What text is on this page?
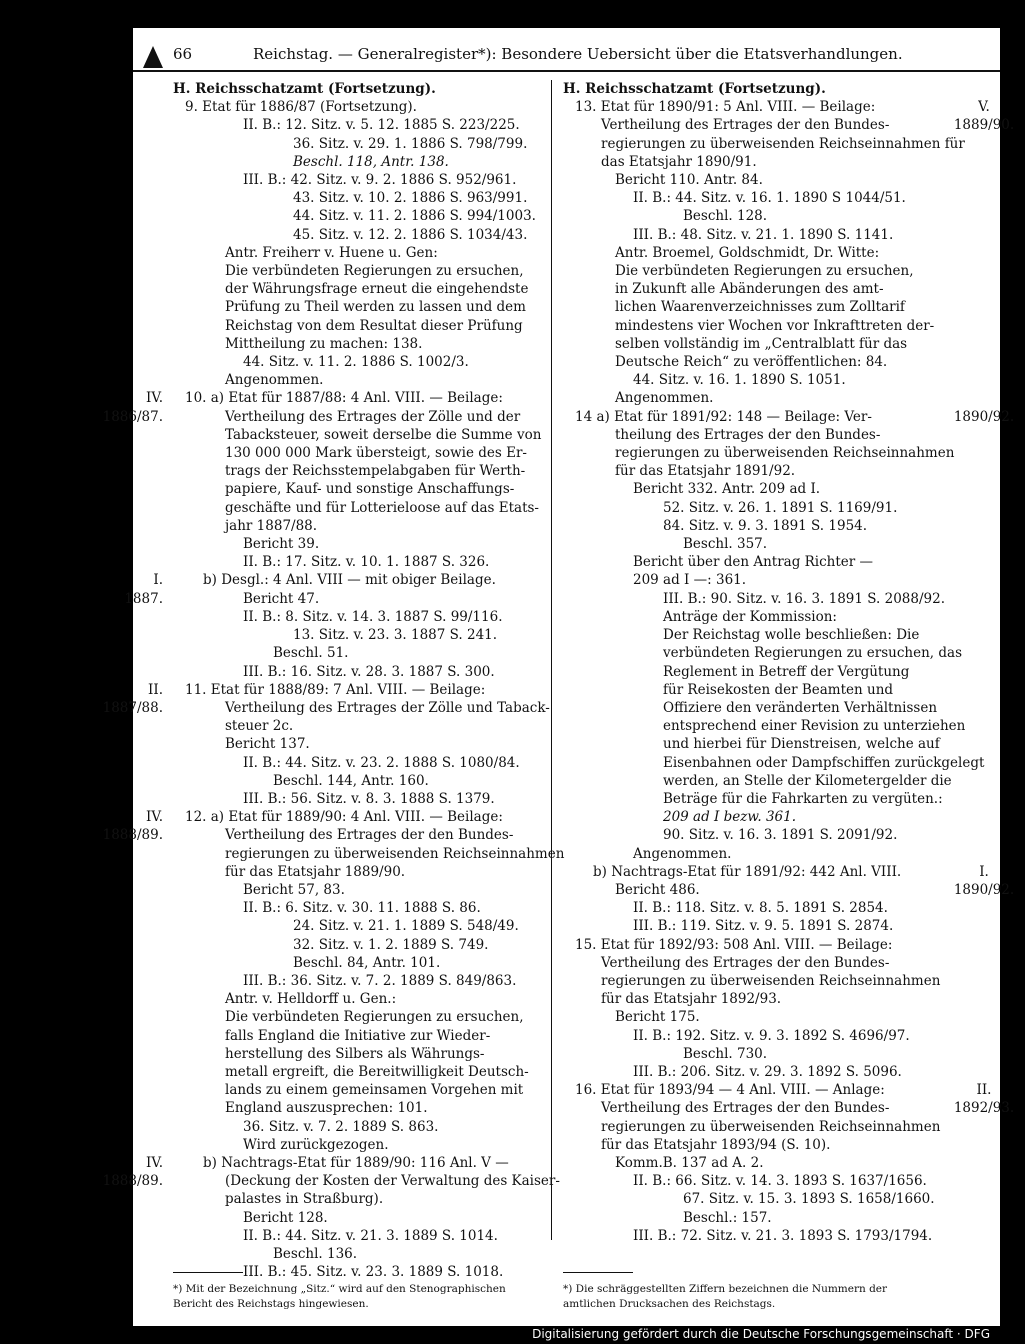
66	Reichstag. — Generalregister*): Besondere Uebersicht über die Etatsverhandlungen.
H. Reichsschatzamt (Fortsetzung).
9. Etat für 1886/87 (Fortsetzung).
II. B.: 12. Sitz. v. 5. 12. 1885 S. 223/225.
36. Sitz. v. 29. 1. 1886 S. 798/799.
Beschl. 118, Antr. 138.
III. B.: 42. Sitz. v. 9. 2. 1886 S. 952/961.
43. Sitz. v. 10. 2. 1886 S. 963/991.
44. Sitz. v. 11. 2. 1886 S. 994/1003.
45. Sitz. v. 12. 2. 1886 S. 1034/43.
Antr. Freiherr v. Huene u. Gen:
Die verbündeten Regierungen zu ersuchen,
der Währungsfrage erneut die eingehendste
Prüfung zu Theil werden zu lassen und dem
Reichstag von dem Resultat dieser Prüfung
Mittheilung zu machen: 138.
44. Sitz. v. 11. 2. 1886 S. 1002/3.
Angenommen.
IV. 10. a) Etat für 1887/88: 4 Anl. VIII. — Beilage:
1886/87.	Vertheilung des Ertrages der Zölle und der
Tabacksteuer, soweit derselbe die Summe von
130 000 000 Mark übersteigt, sowie des Er-
trags der Reichsstempelabgaben für Werth-
papiere, Kauf- und sonstige Anschaffungs-
geschäfte und für Lotterieloose auf das Etats-
jahr 1887/88.
Bericht 39.
II. B.: 17. Sitz. v. 10. 1. 1887 S. 326.
I.	b) Desgl.: 4 Anl. VIII — mit obiger Beilage.
1887.	Bericht 47.
II. B.: 8. Sitz. v. 14. 3. 1887 S. 99/116.
13. Sitz. v. 23. 3. 1887 S. 241.
Beschl. 51.
III. B.: 16. Sitz. v. 28. 3. 1887 S. 300.
II. 11. Etat für 1888/89: 7 Anl. VIII. — Beilage:
1887/88.	Vertheilung des Ertrages der Zölle und Taback-
steuer 2c.
Bericht 137.
II. B.: 44. Sitz. v. 23. 2. 1888 S. 1080/84.
Beschl. 144, Antr. 160.
III. B.: 56. Sitz. v. 8. 3. 1888 S. 1379.
IV. 12. a) Etat für 1889/90: 4 Anl. VIII. — Beilage:
1888/89.	Vertheilung des Ertrages der den Bundes-
regierungen zu überweisenden Reichseinnahmen
für das Etatsjahr 1889/90.
Bericht 57, 83.
II. B.: 6. Sitz. v. 30. 11. 1888 S. 86.
24. Sitz. v. 21. 1. 1889 S. 548/49.
32. Sitz. v. 1. 2. 1889 S. 749.
Beschl. 84, Antr. 101.
III. B.: 36. Sitz. v. 7. 2. 1889 S. 849/863.
Antr. v. Helldorff u. Gen.:
Die verbündeten Regierungen zu ersuchen,
falls England die Initiative zur Wieder-
herstellung des Silbers als Währungs-
metall ergreift, die Bereitwilligkeit Deutsch-
lands zu einem gemeinsamen Vorgehen mit
England auszusprechen: 101.
36. Sitz. v. 7. 2. 1889 S. 863.
Wird zurückgezogen.
IV.	b) Nachtrags-Etat für 1889/90: 116 Anl. V —
1888/89.	(Deckung der Kosten der Verwaltung des Kaiser-
palastes in Straßburg).
Bericht 128.
II. B.: 44. Sitz. v. 21. 3. 1889 S. 1014.
Beschl. 136.
III. B.: 45. Sitz. v. 23. 3. 1889 S. 1018.
H. Reichsschatzamt (Fortsetzung).
13. Etat für 1890/91: 5 Anl. VIII. — Beilage:	V.
Vertheilung des Ertrages der den Bundes-	1889/90.
regierungen zu überweisenden Reichseinnahmen für
das Etatsjahr 1890/91.
Bericht 110. Antr. 84.
II. B.: 44. Sitz. v. 16. 1. 1890 S 1044/51.
Beschl. 128.
III. B.: 48. Sitz. v. 21. 1. 1890 S. 1141.
Antr. Broemel, Goldschmidt, Dr. Witte:
Die verbündeten Regierungen zu ersuchen,
in Zukunft alle Abänderungen des amt-
lichen Waarenverzeichnisses zum Zolltarif
mindestens vier Wochen vor Inkrafttreten der-
selben vollständig im „Centralblatt für das
Deutsche Reich“ zu veröffentlichen: 84.
44. Sitz. v. 16. 1. 1890 S. 1051.
Angenommen.
14 a) Etat für 1891/92: 148 — Beilage: Ver-	1890/92.
theilung des Ertrages der den Bundes-
regierungen zu überweisenden Reichseinnahmen
für das Etatsjahr 1891/92.
Bericht 332. Antr. 209 ad I.
52. Sitz. v. 26. 1. 1891 S. 1169/91.
84. Sitz. v. 9. 3. 1891 S. 1954.
Beschl. 357.
Bericht über den Antrag Richter —
209 ad I —: 361.
III. B.: 90. Sitz. v. 16. 3. 1891 S. 2088/92.
Anträge der Kommission:
Der Reichstag wolle beschließen: Die
verbündeten Regierungen zu ersuchen, das
Reglement in Betreff der Vergütung
für Reisekosten der Beamten und
Offiziere den veränderten Verhältnissen
entsprechend einer Revision zu unterziehen
und hierbei für Dienstreisen, welche auf
Eisenbahnen oder Dampfschiffen zurückgelegt
werden, an Stelle der Kilometergelder die
Beträge für die Fahrkarten zu vergüten.:
209 ad I bezw. 361.
90. Sitz. v. 16. 3. 1891 S. 2091/92.
Angenommen.
b) Nachtrags-Etat für 1891/92: 442 Anl. VIII.	I.
Bericht 486.	1890/92.
II. B.: 118. Sitz. v. 8. 5. 1891 S. 2854.
III. B.: 119. Sitz. v. 9. 5. 1891 S. 2874.
15. Etat für 1892/93: 508 Anl. VIII. — Beilage:
Vertheilung des Ertrages der den Bundes-
regierungen zu überweisenden Reichseinnahmen
für das Etatsjahr 1892/93.
Bericht 175.
II. B.: 192. Sitz. v. 9. 3. 1892 S. 4696/97.
Beschl. 730.
III. B.: 206. Sitz. v. 29. 3. 1892 S. 5096.
16. Etat für 1893/94 — 4 Anl. VIII. — Anlage:	II.
Vertheilung des Ertrages der den Bundes-	1892/93.
regierungen zu überweisenden Reichseinnahmen
für das Etatsjahr 1893/94 (S. 10).
Komm.B. 137 ad A. 2.
II. B.: 66. Sitz. v. 14. 3. 1893 S. 1637/1656.
67. Sitz. v. 15. 3. 1893 S. 1658/1660.
Beschl.: 157.
III. B.: 72. Sitz. v. 21. 3. 1893 S. 1793/1794.
*) Mit der Bezeichnung „Sitz.“ wird auf den Stenographischen Bericht des Reichstags hingewiesen.
*) Die schräggestellten Ziffern bezeichnen die Nummern der amtlichen Drucksachen des Reichstags.
Digitalisierung gefördert durch die Deutsche Forschungsgemeinschaft · DFG
